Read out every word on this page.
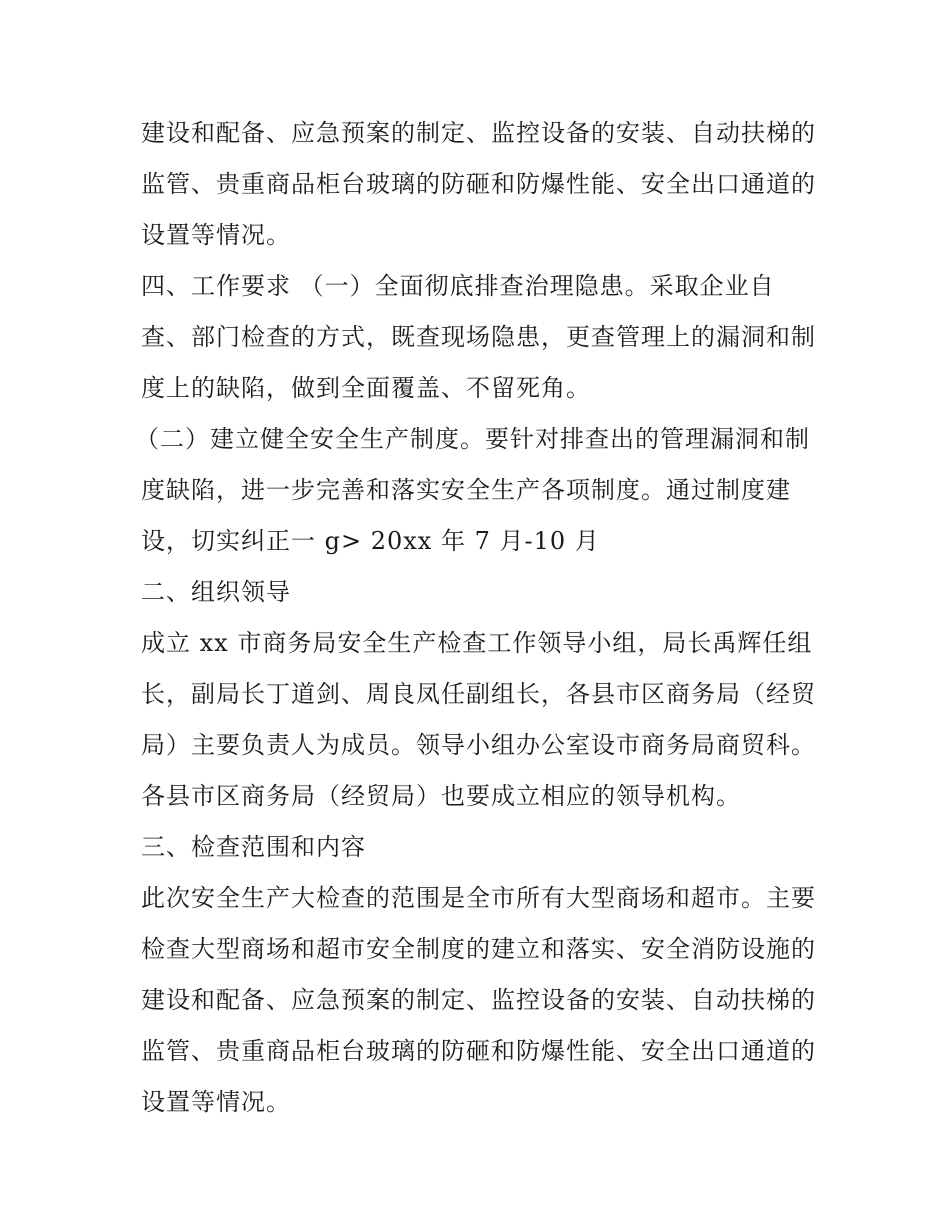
建设和配备、应急预案的制定、监控设备的安装、自动扶梯的
监管、贵重商品柜台玻璃的防砸和防爆性能、安全出口通道的
设置等情况。
四、工作要求 （一）全面彻底排查治理隐患。采取企业自
查、部门检查的方式，既查现场隐患，更查管理上的漏洞和制
度上的缺陷，做到全面覆盖、不留死角。
（二）建立健全安全生产制度。要针对排查出的管理漏洞和制
度缺陷，进一步完善和落实安全生产各项制度。通过制度建
设，切实纠正一 g> 20xx 年 7 月-10 月
二、组织领导
成立 xx 市商务局安全生产检查工作领导小组，局长禹辉任组
长，副局长丁道剑、周良凤任副组长，各县市区商务局（经贸
局）主要负责人为成员。领导小组办公室设市商务局商贸科。
各县市区商务局（经贸局）也要成立相应的领导机构。
三、检查范围和内容
此次安全生产大检查的范围是全市所有大型商场和超市。主要
检查大型商场和超市安全制度的建立和落实、安全消防设施的
建设和配备、应急预案的制定、监控设备的安装、自动扶梯的
监管、贵重商品柜台玻璃的防砸和防爆性能、安全出口通道的
设置等情况。
